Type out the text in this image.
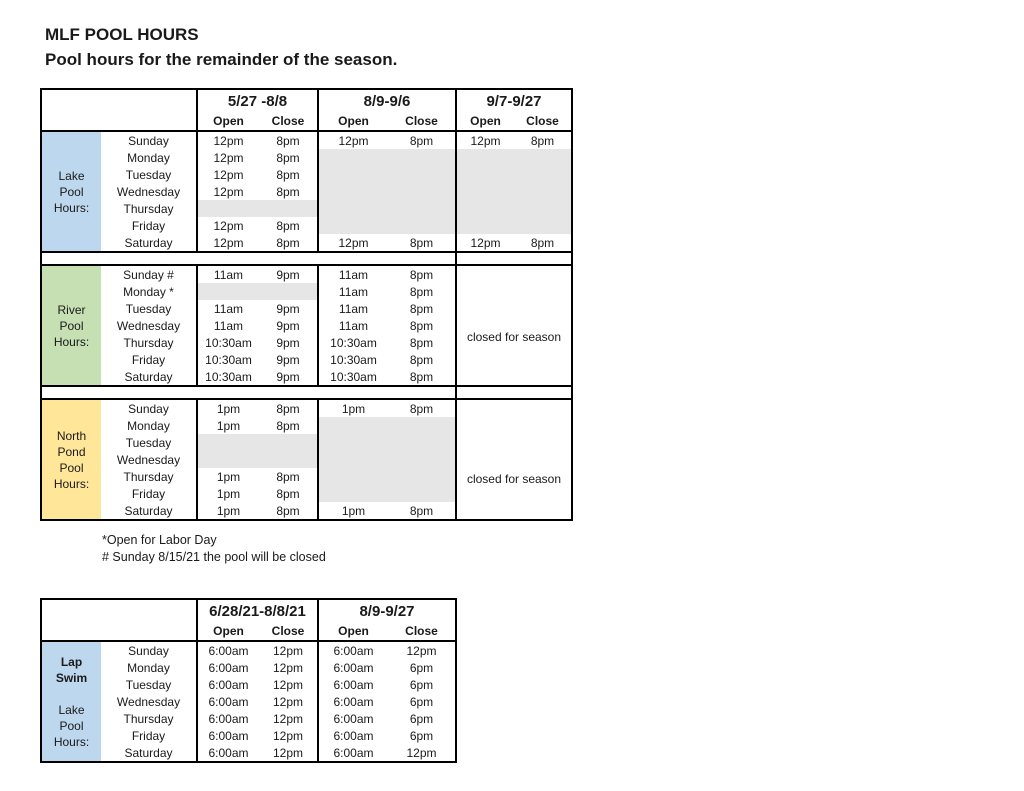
MLF POOL HOURS
Pool hours for the remainder of the season.
		5/27 -8/8		8/9-9/6		9/7-9/27	
		Open	Close	Open	Close	Open	Close

Lake
Pool
Hours:	Sunday	12pm	8pm	12pm	8pm	12pm	8pm
	Monday	12pm	8pm				
	Tuesday	12pm	8pm				
	Wednesday	12pm	8pm				
	Thursday						
	Friday	12pm	8pm				
	Saturday	12pm	8pm	12pm	8pm	12pm	8pm

River
Pool
Hours:	Sunday #	11am	9pm	11am	8pm	closed for season	

	Monday *			11am	8pm		
	Tuesday	11am	9pm	11am	8pm		
	Wednesday	11am	9pm	11am	8pm		
	Thursday	10:30am	9pm	10:30am	8pm		
	Friday	10:30am	9pm	10:30am	8pm		
	Saturday	10:30am	9pm	10:30am	8pm		

North
Pond
Pool
Hours:	Sunday	1pm	8pm	1pm	8pm	closed for season	

	Monday	1pm	8pm				
	Tuesday						
	Wednesday						
	Thursday	1pm	8pm				
	Friday	1pm	8pm				
	Saturday	1pm	8pm	1pm	8pm		
*Open for Labor Day
# Sunday 8/15/21 the pool will be closed
		6/28/21-8/8/21		8/9-9/27	
		Open	Close	Open	Close

Lap
Swim

Lake
Pool
Hours:	Sunday	6:00am	12pm	6:00am	12pm
	Monday	6:00am	12pm	6:00am	6pm
	Tuesday	6:00am	12pm	6:00am	6pm
	Wednesday	6:00am	12pm	6:00am	6pm
	Thursday	6:00am	12pm	6:00am	6pm
	Friday	6:00am	12pm	6:00am	6pm
	Saturday	6:00am	12pm	6:00am	12pm
